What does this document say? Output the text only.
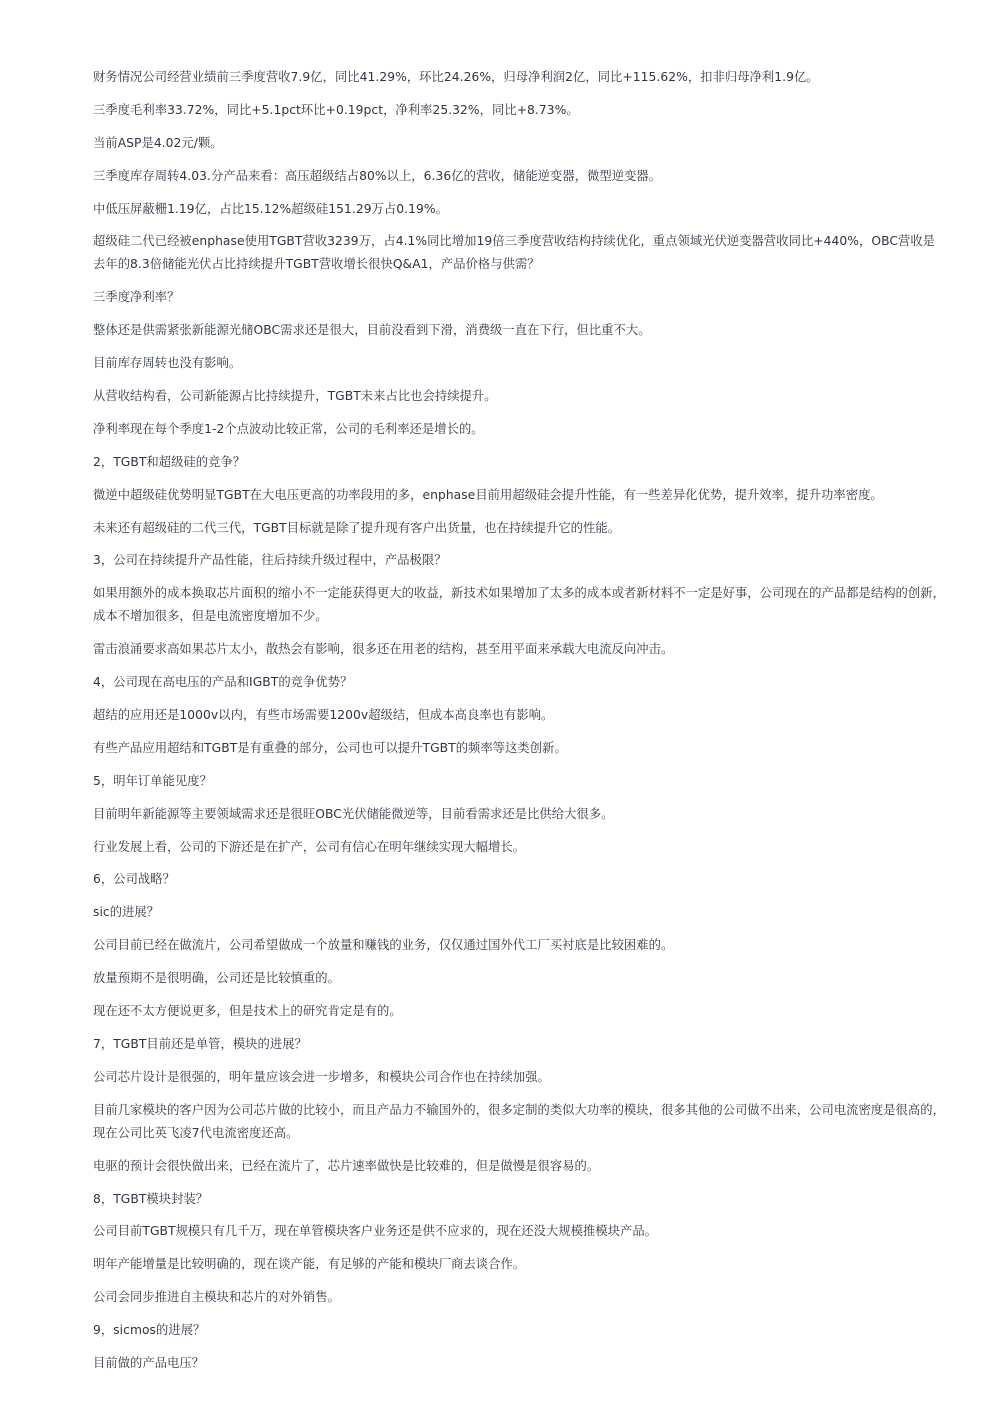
财务情况公司经营业绩前三季度营收7.9亿，同比41.29%，环比24.26%，归母净利润2亿，同比+115.62%，扣非归母净利1.9亿。

三季度毛利率33.72%，同比+5.1pct环比+0.19pct，净利率25.32%，同比+8.73%。

当前ASP是4.02元/颗。

三季度库存周转4.03.分产品来看：高压超级结占80%以上，6.36亿的营收，储能逆变器，微型逆变器。

中低压屏蔽栅1.19亿，占比15.12%超级硅151.29万占0.19%。

超级硅二代已经被enphase使用TGBT营收3239万，占4.1%同比增加19倍三季度营收结构持续优化，重点领域光伏逆变器营收同比+440%，OBC营收是去年的8.3倍储能光伏占比持续提升TGBT营收增长很快Q&A1，产品价格与供需？

三季度净利率？

整体还是供需紧张新能源光储OBC需求还是很大，目前没看到下滑，消费级一直在下行，但比重不大。

目前库存周转也没有影响。

从营收结构看，公司新能源占比持续提升，TGBT未来占比也会持续提升。

净利率现在每个季度1-2个点波动比较正常，公司的毛利率还是增长的。

2，TGBT和超级硅的竞争？

微逆中超级硅优势明显TGBT在大电压更高的功率段用的多，enphase目前用超级硅会提升性能，有一些差异化优势，提升效率，提升功率密度。

未来还有超级硅的二代三代，TGBT目标就是除了提升现有客户出货量，也在持续提升它的性能。

3，公司在持续提升产品性能，往后持续升级过程中，产品极限？

如果用额外的成本换取芯片面积的缩小不一定能获得更大的收益，新技术如果增加了太多的成本或者新材料不一定是好事，公司现在的产品都是结构的创新，成本不增加很多，但是电流密度增加不少。

雷击浪涌要求高如果芯片太小，散热会有影响，很多还在用老的结构，甚至用平面来承载大电流反向冲击。

4，公司现在高电压的产品和IGBT的竞争优势？

超结的应用还是1000v以内，有些市场需要1200v超级结，但成本高良率也有影响。

有些产品应用超结和TGBT是有重叠的部分，公司也可以提升TGBT的频率等这类创新。

5，明年订单能见度？

目前明年新能源等主要领域需求还是很旺OBC光伏储能微逆等，目前看需求还是比供给大很多。

行业发展上看，公司的下游还是在扩产，公司有信心在明年继续实现大幅增长。

6，公司战略？

sic的进展？

公司目前已经在做流片，公司希望做成一个放量和赚钱的业务，仅仅通过国外代工厂买衬底是比较困难的。

放量预期不是很明确，公司还是比较慎重的。

现在还不太方便说更多，但是技术上的研究肯定是有的。

7，TGBT目前还是单管，模块的进展？

公司芯片设计是很强的，明年量应该会进一步增多，和模块公司合作也在持续加强。

目前几家模块的客户因为公司芯片做的比较小，而且产品力不输国外的，很多定制的类似大功率的模块，很多其他的公司做不出来，公司电流密度是很高的，现在公司比英飞凌7代电流密度还高。

电驱的预计会很快做出来，已经在流片了，芯片速率做快是比较难的，但是做慢是很容易的。

8，TGBT模块封装？

公司目前TGBT规模只有几千万，现在单管模块客户业务还是供不应求的，现在还没大规模推模块产品。

明年产能增量是比较明确的，现在谈产能，有足够的产能和模块厂商去谈合作。

公司会同步推进自主模块和芯片的对外销售。

9，sicmos的进展？

目前做的产品电压？
